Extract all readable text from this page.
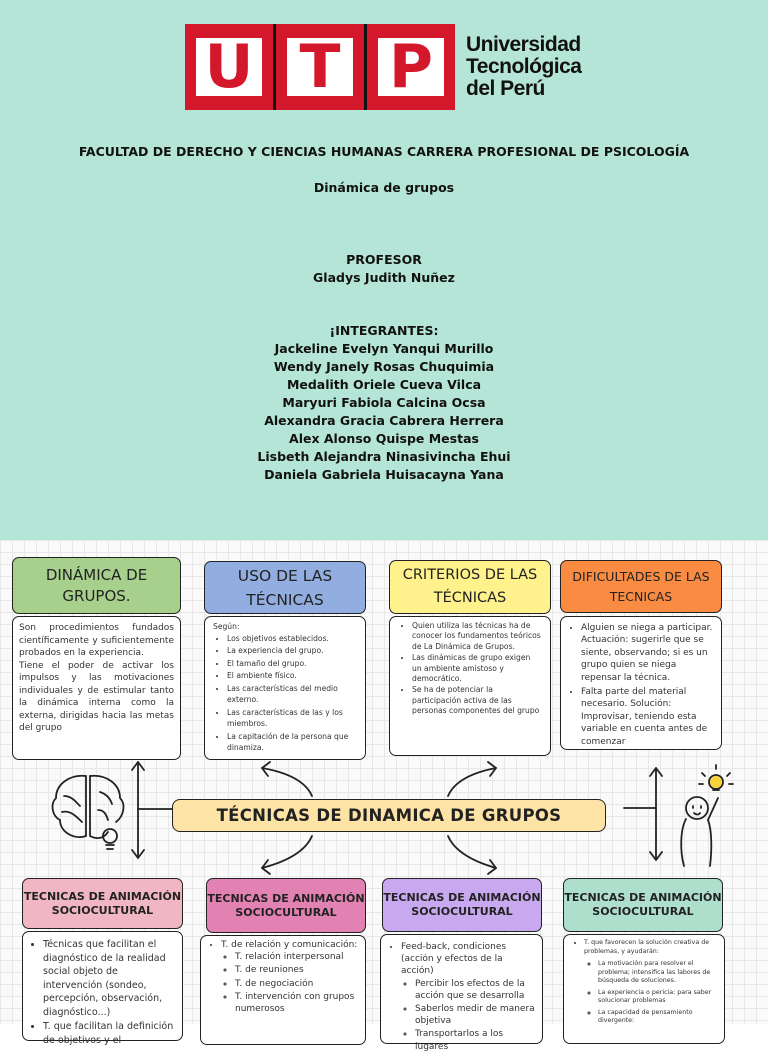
U T P	Universidad
Tecnológica
del Perú
FACULTAD DE DERECHO Y CIENCIAS HUMANAS CARRERA PROFESIONAL DE PSICOLOGÍA
Dinámica de grupos
PROFESOR
Gladys Judith Nuñez
¡INTEGRANTES:
Jackeline Evelyn Yanqui Murillo
Wendy Janely Rosas Chuquimia
Medalith Oriele Cueva Vilca
Maryuri Fabiola Calcina Ocsa
Alexandra Gracia Cabrera Herrera
Alex Alonso Quispe Mestas
Lisbeth Alejandra Ninasivincha Ehui
Daniela Gabriela Huisacayna Yana
DINÁMICA DE GRUPOS.
USO DE LAS TÉCNICAS
CRITERIOS DE LAS TÉCNICAS
DIFICULTADES DE LAS TECNICAS

Son procedimientos fundados científicamente y suficientemente probados en la experiencia.

Tiene el poder de activar los impulsos y las motivaciones individuales y de estimular tanto la dinámica interna como la externa, dirigidas hacia las metas del grupo

Según:

• Los objetivos establecidos.
• La experiencia del grupo.
• El tamaño del grupo.
• El ambiente físico.
• Las características del medio externo.
• Las características de las y los miembros.
• La capitación de la persona que dinamiza.
• Quien utiliza las técnicas ha de conocer los fundamentos teóricos de La Dinámica de Grupos.
• Las dinámicas de grupo exigen un ambiente amistoso y democrático.
• Se ha de potenciar la participación activa de las personas componentes del grupo
• Alguien se niega a participar. Actuación: sugerirle que se siente, observando; si es un grupo quien se niega repensar la técnica.
• Falta parte del material necesario. Solución: Improvisar, teniendo esta variable en cuenta antes de comenzar
TÉCNICAS DE DINAMICA DE GRUPOS
TECNICAS DE ANIMACIÓN SOCIOCULTURAL
TECNICAS DE ANIMACIÓN SOCIOCULTURAL
TECNICAS DE ANIMACIÓN SOCIOCULTURAL
TECNICAS DE ANIMACIÓN SOCIOCULTURAL
• Técnicas que facilitan el diagnóstico de la realidad social objeto de intervención (sondeo, percepción, observación, diagnóstico...)
• T. que facilitan la definición de objetivos y el
• T. de relación y comunicación:
◦ T. relación interpersonal
◦ T. de reuniones
◦ T. de negociación
◦ T. intervención con grupos numerosos
• Feed-back, condiciones (acción y efectos de la acción)
◦ Percibir los efectos de la acción que se desarrolla
◦ Saberlos medir de manera objetiva
◦ Transportarlos a los lugares
• T. que favorecen la solución creativa de problemas, y ayudarán:
◦ La motivación para resolver el problema; intensifica las labores de búsqueda de soluciones.
◦ La experiencia o pericia: para saber solucionar problemas
◦ La capacidad de pensamiento divergente:
